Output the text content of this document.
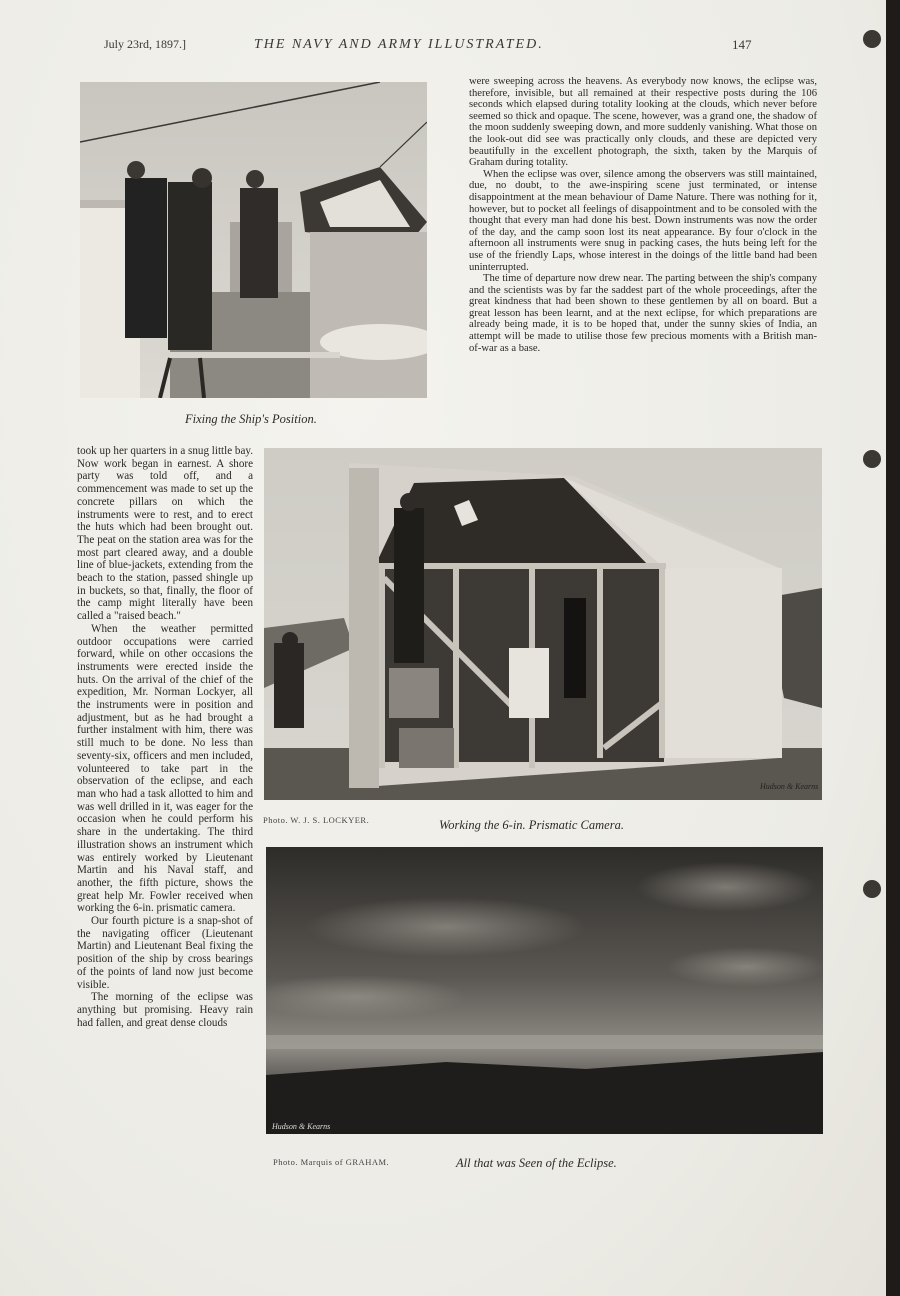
July 23rd, 1897.]	THE NAVY AND ARMY ILLUSTRATED.	147
Fixing the Ship's Position.

were sweeping across the heavens. As everybody now knows, the eclipse was, therefore, invisible, but all remained at their respective posts during the 106 seconds which elapsed during totality looking at the clouds, which never before seemed so thick and opaque. The scene, however, was a grand one, the shadow of the moon suddenly sweeping down, and more suddenly vanishing. What those on the look-out did see was practically only clouds, and these are depicted very beautifully in the excellent photograph, the sixth, taken by the Marquis of Graham during totality.

When the eclipse was over, silence among the observers was still maintained, due, no doubt, to the awe-inspiring scene just terminated, or intense disappointment at the mean behaviour of Dame Nature. There was nothing for it, however, but to pocket all feelings of disappointment and to be consoled with the thought that every man had done his best. Down instruments was now the order of the day, and the camp soon lost its neat appearance. By four o'clock in the afternoon all instruments were snug in packing cases, the huts being left for the use of the friendly Laps, whose interest in the doings of the little band had been uninterrupted.

The time of departure now drew near. The parting between the ship's company and the scientists was by far the saddest part of the whole proceedings, after the great kindness that had been shown to these gentlemen by all on board. But a great lesson has been learnt, and at the next eclipse, for which preparations are already being made, it is to be hoped that, under the sunny skies of India, an attempt will be made to utilise those few precious moments with a British man-of-war as a base.

took up her quarters in a snug little bay. Now work began in earnest. A shore party was told off, and a commencement was made to set up the concrete pillars on which the instruments were to rest, and to erect the huts which had been brought out. The peat on the station area was for the most part cleared away, and a double line of blue-jackets, extending from the beach to the station, passed shingle up in buckets, so that, finally, the floor of the camp might literally have been called a "raised beach."

When the weather permitted outdoor occupations were carried forward, while on other occasions the instruments were erected inside the huts. On the arrival of the chief of the expedition, Mr. Norman Lockyer, all the instruments were in position and adjustment, but as he had brought a further instalment with him, there was still much to be done. No less than seventy-six, officers and men included, volunteered to take part in the observation of the eclipse, and each man who had a task allotted to him and was well drilled in it, was eager for the occasion when he could perform his share in the undertaking. The third illustration shows an instrument which was entirely worked by Lieutenant Martin and his Naval staff, and another, the fifth picture, shows the great help Mr. Fowler received when working the 6-in. prismatic camera.

Our fourth picture is a snap-shot of the navigating officer (Lieutenant Martin) and Lieutenant Beal fixing the position of the ship by cross bearings of the points of land now just become visible.

The morning of the eclipse was anything but promising. Heavy rain had fallen, and great dense clouds

Hudson & Kearns
Photo. W. J. S. LOCKYER.	Working the 6-in. Prismatic Camera.
Hudson & Kearns
Photo. Marquis of GRAHAM.	All that was Seen of the Eclipse.
